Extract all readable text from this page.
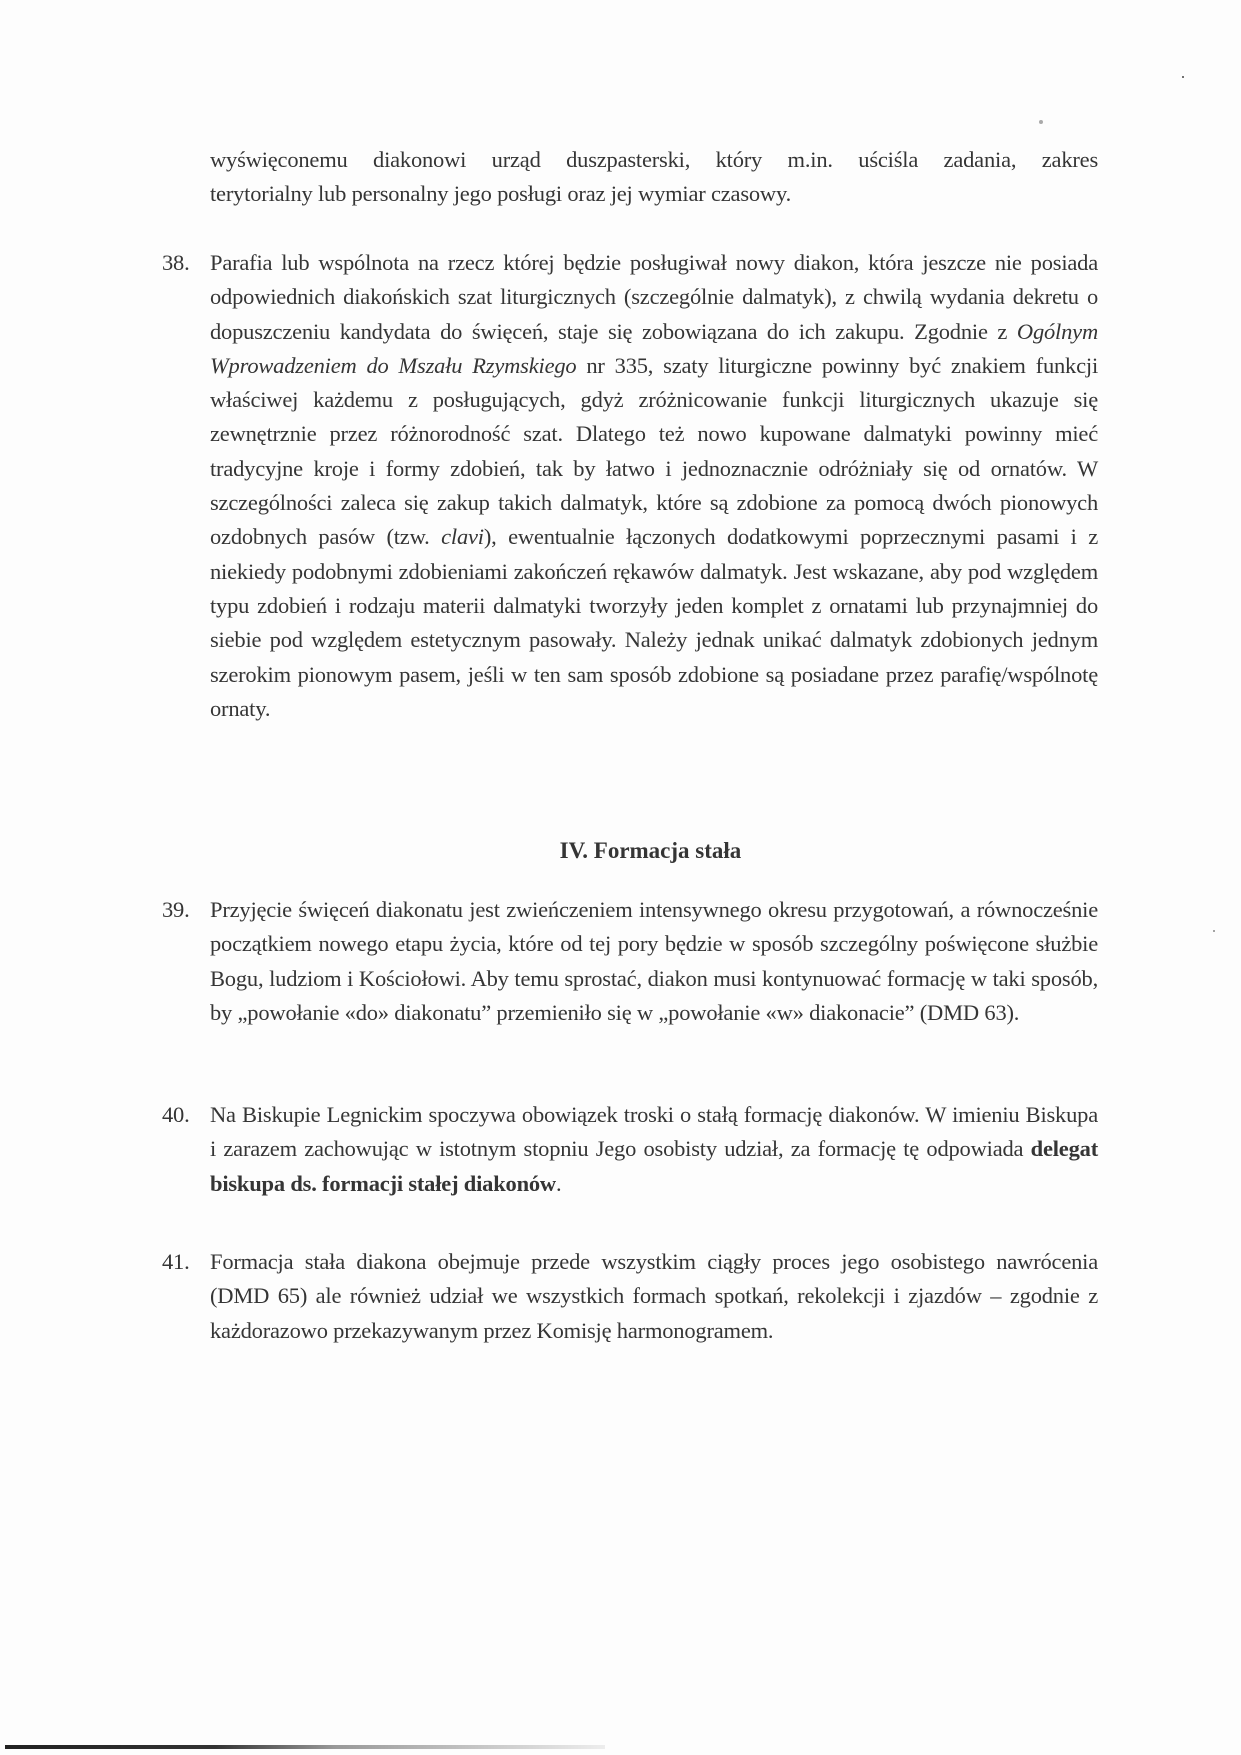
wyświęconemu diakonowi urząd duszpasterski, który m.in. uściśla zadania, zakres
terytorialny lub personalny jego posługi oraz jej wymiar czasowy.
38. Parafia lub wspólnota na rzecz której będzie posługiwał nowy diakon, która jeszcze nie posiada odpowiednich diakońskich szat liturgicznych (szczególnie dalmatyk), z chwilą wydania dekretu o dopuszczeniu kandydata do święceń, staje się zobowiązana do ich zakupu. Zgodnie z Ogólnym Wprowadzeniem do Mszału Rzymskiego nr 335, szaty liturgiczne powinny być znakiem funkcji właściwej każdemu z posługujących, gdyż zróżnicowanie funkcji liturgicznych ukazuje się zewnętrznie przez różnorodność szat. Dlatego też nowo kupowane dalmatyki powinny mieć tradycyjne kroje i formy zdobień, tak by łatwo i jednoznacznie odróżniały się od ornatów. W szczególności zaleca się zakup takich dalmatyk, które są zdobione za pomocą dwóch pionowych ozdobnych pasów (tzw. clavi), ewentualnie łączonych dodatkowymi poprzecznymi pasami i z niekiedy podobnymi zdobieniami zakończeń rękawów dalmatyk. Jest wskazane, aby pod względem typu zdobień i rodzaju materii dalmatyki tworzyły jeden komplet z ornatami lub przynajmniej do siebie pod względem estetycznym pasowały. Należy jednak unikać dalmatyk zdobionych jednym szerokim pionowym pasem, jeśli w ten sam sposób zdobione są posiadane przez parafię/wspólnotę ornaty.
IV. Formacja stała
39. Przyjęcie święceń diakonatu jest zwieńczeniem intensywnego okresu przygotowań, a równocześnie początkiem nowego etapu życia, które od tej pory będzie w sposób szczególny poświęcone służbie Bogu, ludziom i Kościołowi. Aby temu sprostać, diakon musi kontynuować formację w taki sposób, by „powołanie «do» diakonatu” przemieniło się w „powołanie «w» diakonacie” (DMD 63).
40. Na Biskupie Legnickim spoczywa obowiązek troski o stałą formację diakonów. W imieniu Biskupa i zarazem zachowując w istotnym stopniu Jego osobisty udział, za formację tę odpowiada delegat biskupa ds. formacji stałej diakonów.
41. Formacja stała diakona obejmuje przede wszystkim ciągły proces jego osobistego nawrócenia (DMD 65) ale również udział we wszystkich formach spotkań, rekolekcji i zjazdów – zgodnie z każdorazowo przekazywanym przez Komisję harmonogramem.
